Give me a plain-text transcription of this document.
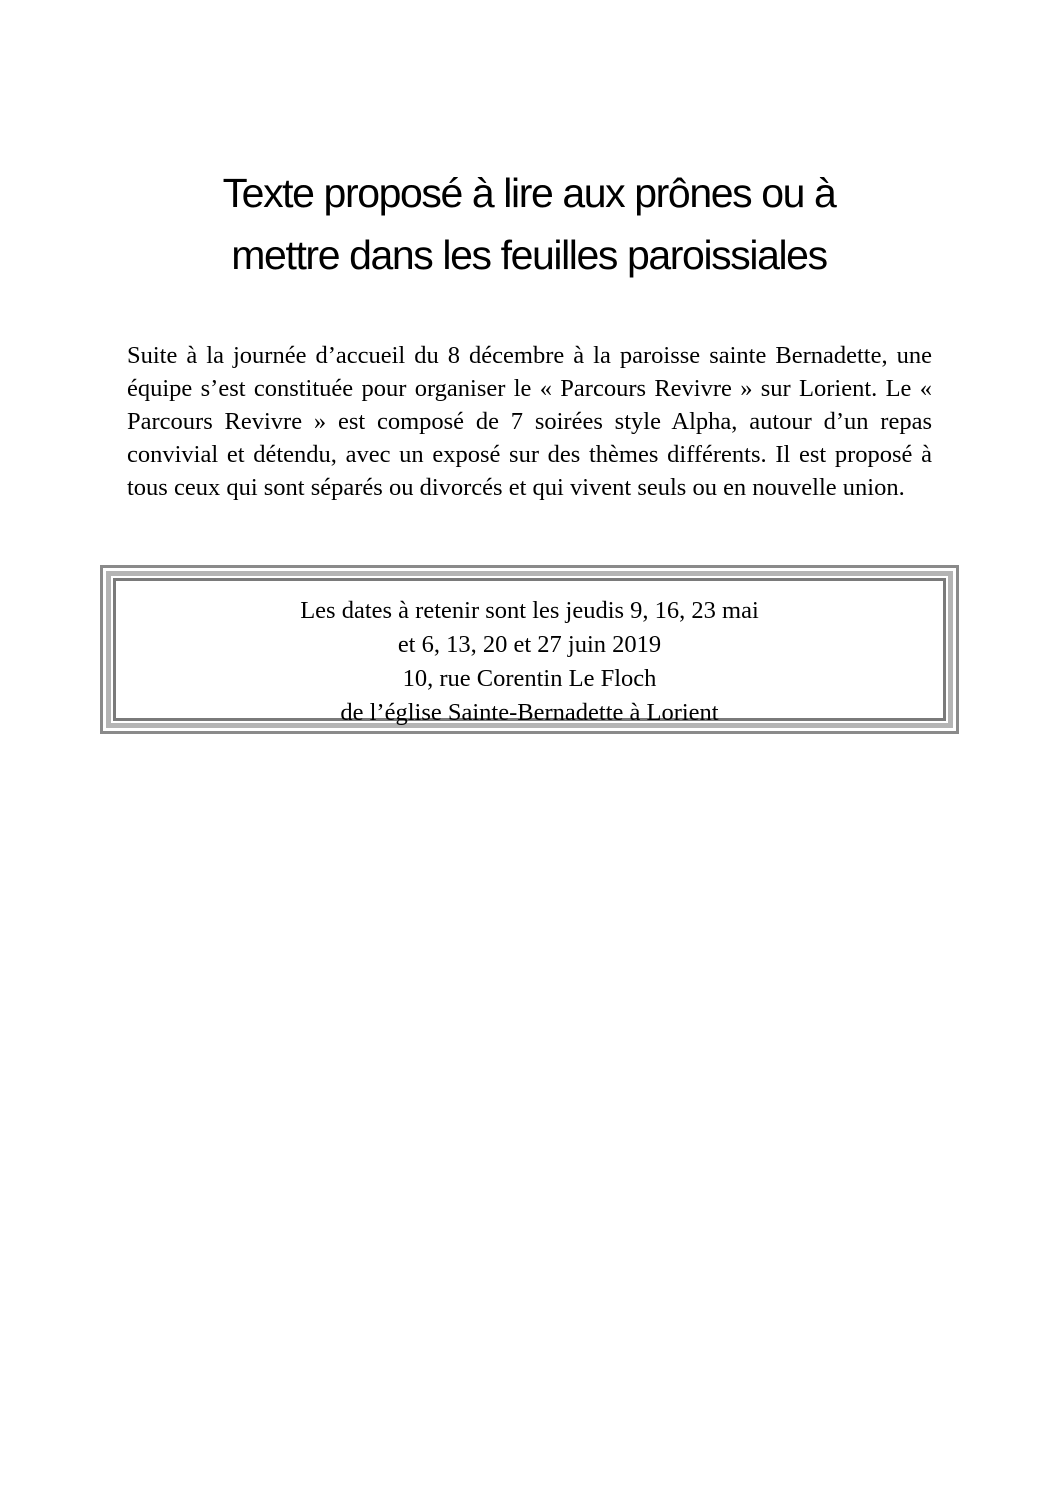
Texte proposé à lire aux prônes ou à
mettre dans les feuilles paroissiales

Suite à la journée d’accueil du 8 décembre à la paroisse sainte Bernadette, une équipe s’est constituée pour organiser le « Parcours Revivre » sur Lorient. Le « Parcours Revivre » est composé de 7 soirées style Alpha, autour d’un repas convivial et détendu, avec un exposé sur des thèmes différents. Il est proposé à tous ceux qui sont séparés ou divorcés et qui vivent seuls ou en nouvelle union.

Les dates à retenir sont les jeudis 9, 16, 23 mai
et 6, 13, 20 et 27 juin 2019
10, rue Corentin Le Floch
de l’église Sainte-Bernadette à Lorient
